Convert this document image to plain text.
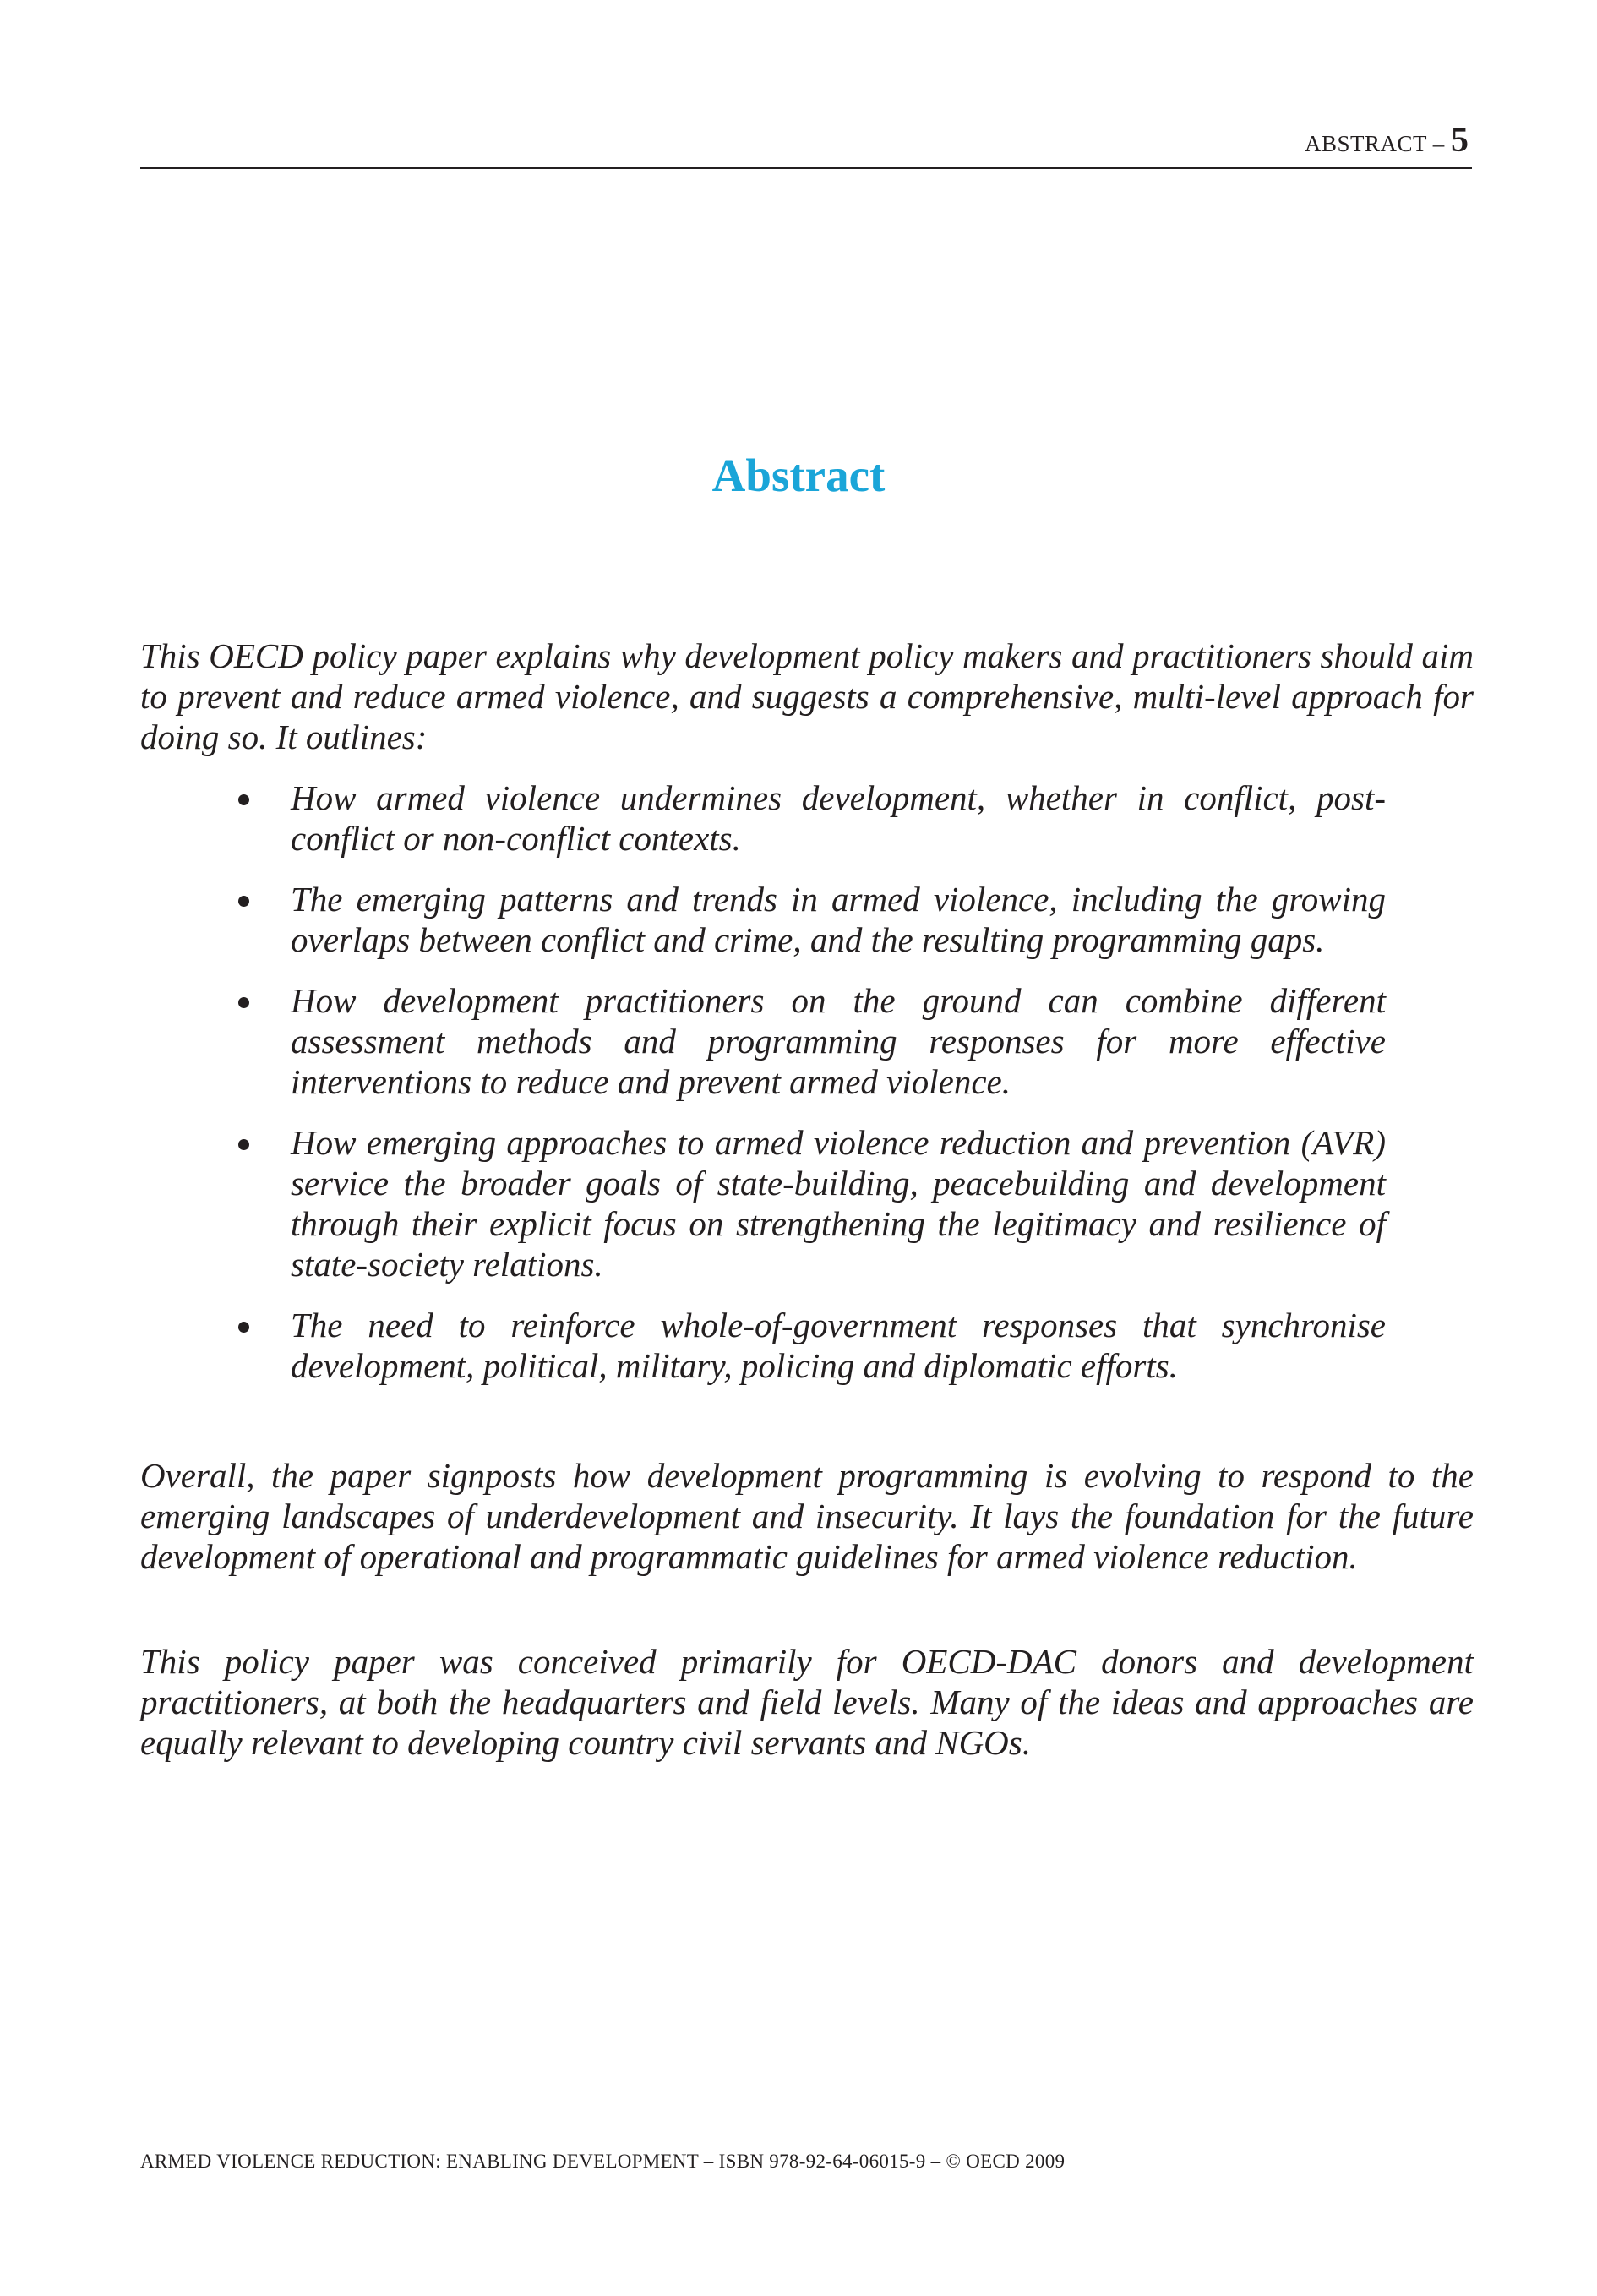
ABSTRACT – 5
Abstract

This OECD policy paper explains why development policy makers and practitioners should aim to prevent and reduce armed violence, and suggests a comprehensive, multi-level approach for doing so. It outlines:

How armed violence undermines development, whether in conflict, post-conflict or non-conflict contexts.
The emerging patterns and trends in armed violence, including the growing overlaps between conflict and crime, and the resulting programming gaps.
How development practitioners on the ground can combine different assessment methods and programming responses for more effective interventions to reduce and prevent armed violence.
How emerging approaches to armed violence reduction and prevention (AVR) service the broader goals of state-building, peacebuilding and development through their explicit focus on strengthening the legitimacy and resilience of state-society relations.
The need to reinforce whole-of-government responses that synchronise development, political, military, policing and diplomatic efforts.

Overall, the paper signposts how development programming is evolving to respond to the emerging landscapes of underdevelopment and insecurity. It lays the foundation for the future development of operational and programmatic guidelines for armed violence reduction.

This policy paper was conceived primarily for OECD-DAC donors and development practitioners, at both the headquarters and field levels. Many of the ideas and approaches are equally relevant to developing country civil servants and NGOs.

ARMED VIOLENCE REDUCTION: ENABLING DEVELOPMENT – ISBN 978-92-64-06015-9 – © OECD 2009
